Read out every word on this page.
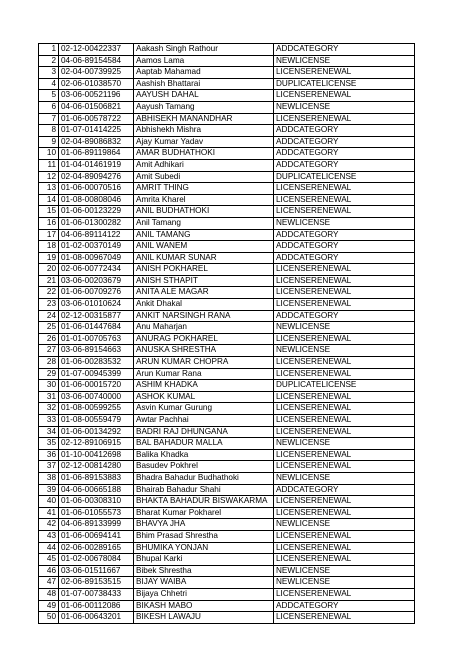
1	02-12-00422337	Aakash Singh Rathour	ADDCATEGORY
2	04-06-89154584	Aamos Lama	NEWLICENSE
3	02-04-00739925	Aaptab Mahamad	LICENSERENEWAL
4	02-06-01038570	Aashish Bhattarai	DUPLICATELICENSE
5	03-06-00521196	AAYUSH DAHAL	LICENSERENEWAL
6	04-06-01506821	Aayush Tamang	NEWLICENSE
7	01-06-00578722	ABHISEKH MANANDHAR	LICENSERENEWAL
8	01-07-01414225	Abhishekh Mishra	ADDCATEGORY
9	02-04-89086832	Ajay Kumar Yadav	ADDCATEGORY
10	01-06-89119864	AMAR BUDHATHOKI	ADDCATEGORY
11	01-04-01461919	Amit Adhikari	ADDCATEGORY
12	02-04-89094276	Amit Subedi	DUPLICATELICENSE
13	01-06-00070516	AMRIT THING	LICENSERENEWAL
14	01-08-00808046	Amrita Kharel	LICENSERENEWAL
15	01-06-00123229	ANIL BUDHATHOKI	LICENSERENEWAL
16	01-06-01300282	Anil Tamang	NEWLICENSE
17	04-06-89114122	ANIL TAMANG	ADDCATEGORY
18	01-02-00370149	ANIL WANEM	ADDCATEGORY
19	01-08-00967049	ANIL KUMAR SUNAR	ADDCATEGORY
20	02-06-00772434	ANISH POKHAREL	LICENSERENEWAL
21	03-06-00203679	ANISH STHAPIT	LICENSERENEWAL
22	01-06-00709276	ANITA ALE MAGAR	LICENSERENEWAL
23	03-06-01010624	Ankit Dhakal	LICENSERENEWAL
24	02-12-00315877	ANKIT NARSINGH RANA	ADDCATEGORY
25	01-06-01447684	Anu Maharjan	NEWLICENSE
26	01-01-00705763	ANURAG POKHAREL	LICENSERENEWAL
27	03-06-89154663	ANUSKA SHRESTHA	NEWLICENSE
28	01-06-00283532	ARUN KUMAR CHOPRA	LICENSERENEWAL
29	01-07-00945399	Arun Kumar Rana	LICENSERENEWAL
30	01-06-00015720	ASHIM KHADKA	DUPLICATELICENSE
31	03-06-00740000	ASHOK KUMAL	LICENSERENEWAL
32	01-08-00599255	Asvin Kumar Gurung	LICENSERENEWAL
33	01-08-00559479	Awtar Pachhai	LICENSERENEWAL
34	01-06-00134292	BADRI RAJ DHUNGANA	LICENSERENEWAL
35	02-12-89106915	BAL BAHADUR MALLA	NEWLICENSE
36	01-10-00412698	Balika Khadka	LICENSERENEWAL
37	02-12-00814280	Basudev Pokhrel	LICENSERENEWAL
38	01-06-89153883	Bhadra Bahadur Budhathoki	NEWLICENSE
39	04-06-00665188	Bhairab Bahadur Shahi	ADDCATEGORY
40	01-06-00308310	BHAKTA BAHADUR BISWAKARMA	LICENSERENEWAL
41	01-06-01055573	Bharat Kumar Pokharel	LICENSERENEWAL
42	04-06-89133999	BHAVYA JHA	NEWLICENSE
43	01-06-00694141	Bhim Prasad Shrestha	LICENSERENEWAL
44	02-06-00289165	BHUMIKA YONJAN	LICENSERENEWAL
45	01-02-00678084	Bhupal Karki	LICENSERENEWAL
46	03-06-01511667	Bibek Shrestha	NEWLICENSE
47	02-06-89153515	BIJAY WAIBA	NEWLICENSE
48	01-07-00738433	Bijaya Chhetri	LICENSERENEWAL
49	01-06-00112086	BIKASH MABO	ADDCATEGORY
50	01-06-00643201	BIKESH LAWAJU	LICENSERENEWAL
